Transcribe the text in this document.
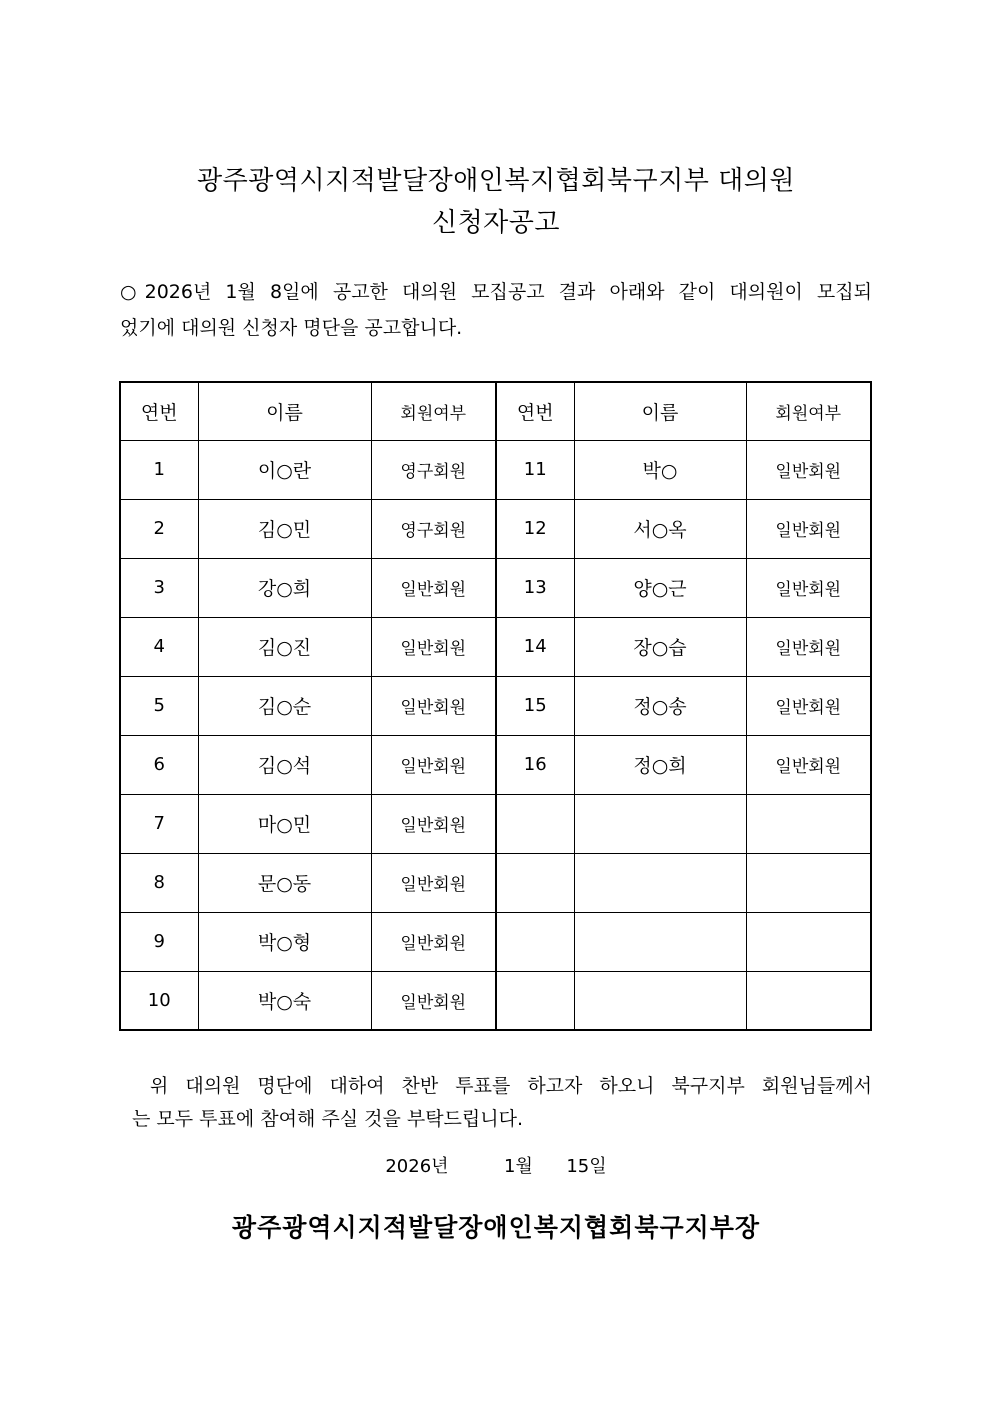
광주광역시지적발달장애인복지협회북구지부 대의원
신청자공고

○2026년 1월 8일에 공고한 대의원 모집공고 결과 아래와 같이 대의원이 모집되

었기에 대의원 신청자 명단을 공고합니다.

연번	이름	회원여부	연번	이름	회원여부
1	이○란	영구회원	11	박○	일반회원
2	김○민	영구회원	12	서○옥	일반회원
3	강○희	일반회원	13	양○근	일반회원
4	김○진	일반회원	14	장○습	일반회원
5	김○순	일반회원	15	정○송	일반회원
6	김○석	일반회원	16	정○희	일반회원
7	마○민	일반회원			
8	문○동	일반회원			
9	박○형	일반회원			
10	박○숙	일반회원			

위 대의원 명단에 대하여 찬반 투표를 하고자 하오니 북구지부 회원님들께서

는 모두 투표에 참여해 주실 것을 부탁드립니다.

2026년	1월 15일
광주광역시지적발달장애인복지협회북구지부장
